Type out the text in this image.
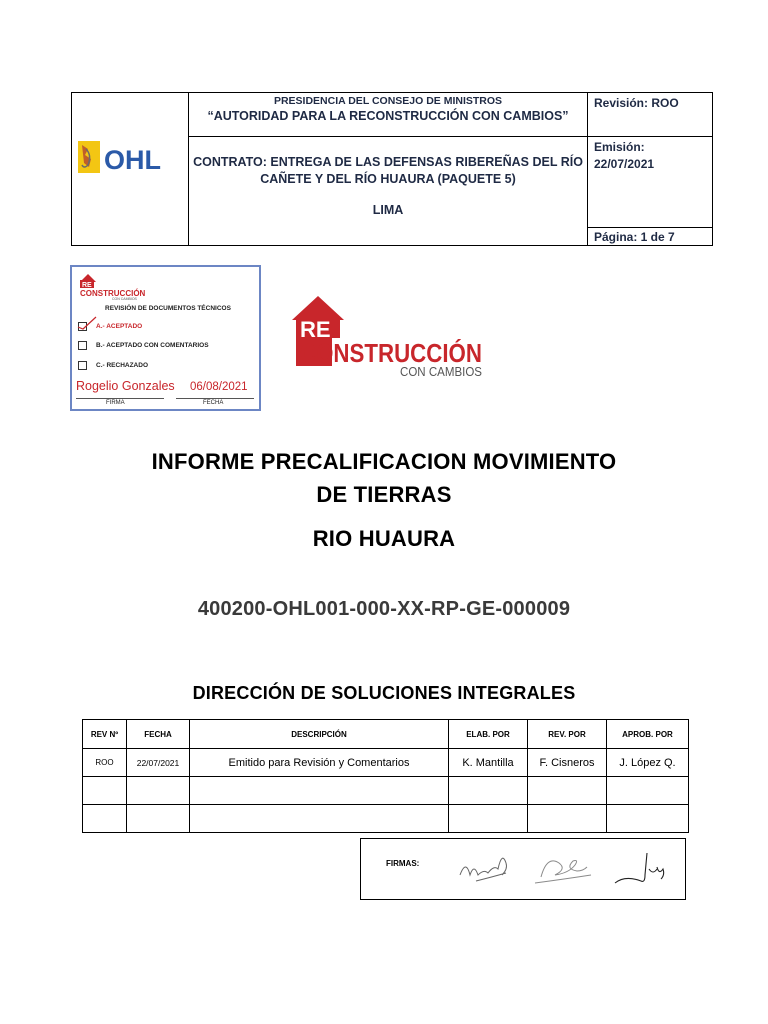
OHL
PRESIDENCIA DEL CONSEJO DE MINISTROS
“AUTORIDAD PARA LA RECONSTRUCCIÓN CON CAMBIOS”
CONTRATO: ENTREGA DE LAS DEFENSAS RIBEREÑAS DEL RÍO
CAÑETE Y DEL RÍO HUAURA (PAQUETE 5)
LIMA
Revisión: ROO
Emisión:
22/07/2021
Página: 1 de 7
RE
CONSTRUCCIÓN
CON CAMBIOS
REVISIÓN DE DOCUMENTOS TÉCNICOS
A.- ACEPTADO
B.- ACEPTADO CON COMENTARIOS
C.- RECHAZADO
Rogelio Gonzales 06/08/2021
FIRMA	FECHA
RE
CONSTRUCCIÓN
CON CAMBIOS
INFORME PRECALIFICACION MOVIMIENTO
DE TIERRAS
RIO HUAURA
400200-OHL001-000-XX-RP-GE-000009
DIRECCIÓN DE SOLUCIONES INTEGRALES
REV Nº	FECHA	DESCRIPCIÓN	ELAB. POR	REV. POR	APROB. POR
ROO	22/07/2021	Emitido para Revisión y Comentarios	K. Mantilla	F. Cisneros	J. López Q.

FIRMAS:
